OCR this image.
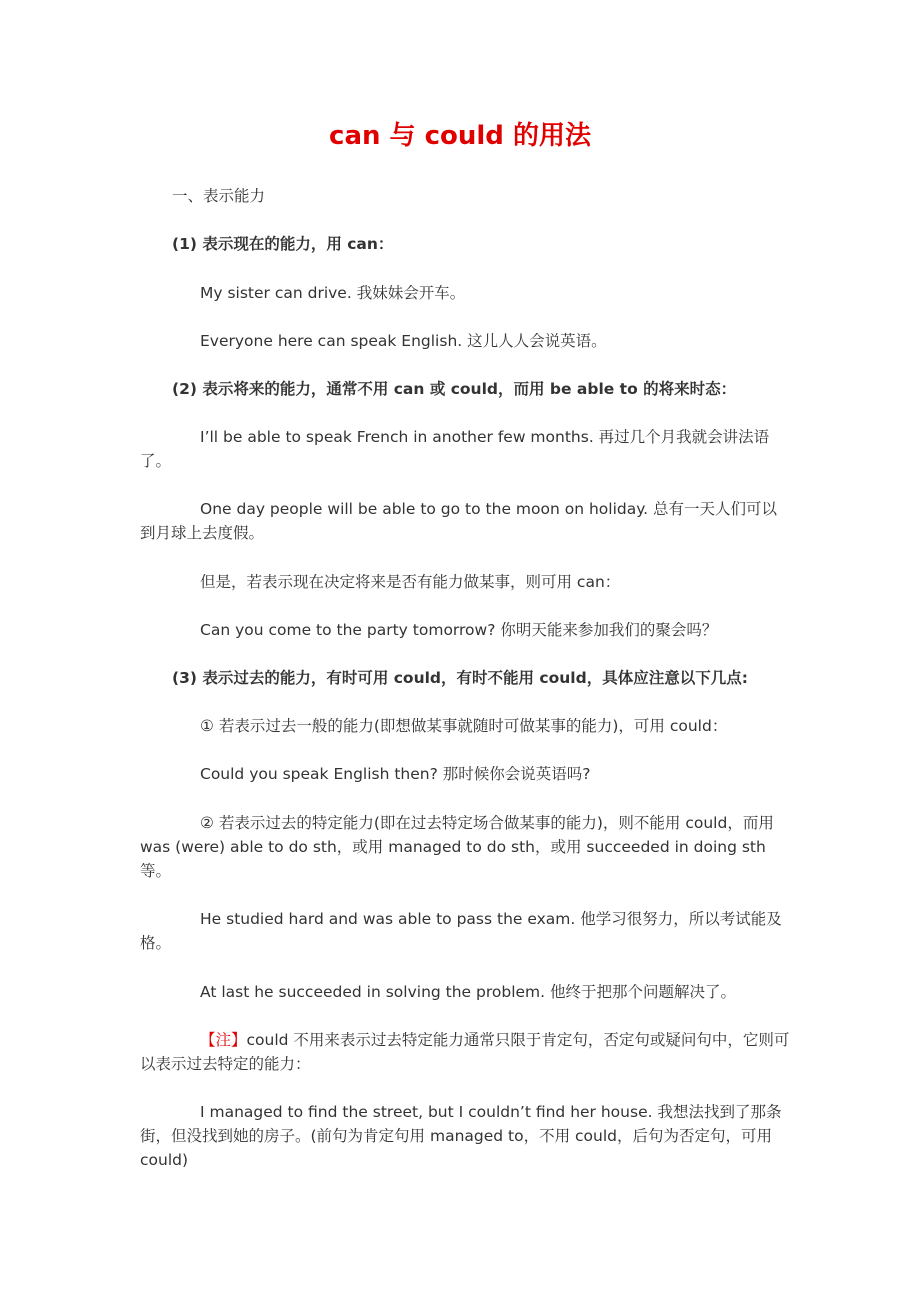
can 与 could 的用法

一、表示能力

(1) 表示现在的能力，用 can：

My sister can drive. 我妹妹会开车。

Everyone here can speak English. 这儿人人会说英语。

(2) 表示将来的能力，通常不用 can 或 could，而用 be able to 的将来时态：

I’ll be able to speak French in another few months. 再过几个月我就会讲法语了。

One day people will be able to go to the moon on holiday. 总有一天人们可以到月球上去度假。

但是，若表示现在决定将来是否有能力做某事，则可用 can：

Can you come to the party tomorrow? 你明天能来参加我们的聚会吗？

(3) 表示过去的能力，有时可用 could，有时不能用 could，具体应注意以下几点:

① 若表示过去一般的能力(即想做某事就随时可做某事的能力)，可用 could：

Could you speak English then? 那时候你会说英语吗?

② 若表示过去的特定能力(即在过去特定场合做某事的能力)，则不能用 could，而用 was (were) able to do sth，或用 managed to do sth，或用 succeeded in doing sth 等。

He studied hard and was able to pass the exam. 他学习很努力，所以考试能及格。

At last he succeeded in solving the problem. 他终于把那个问题解决了。

【注】could 不用来表示过去特定能力通常只限于肯定句，否定句或疑问句中，它则可以表示过去特定的能力：

I managed to find the street, but I couldn’t find her house. 我想法找到了那条街，但没找到她的房子。(前句为肯定句用 managed to，不用 could，后句为否定句，可用 could)
